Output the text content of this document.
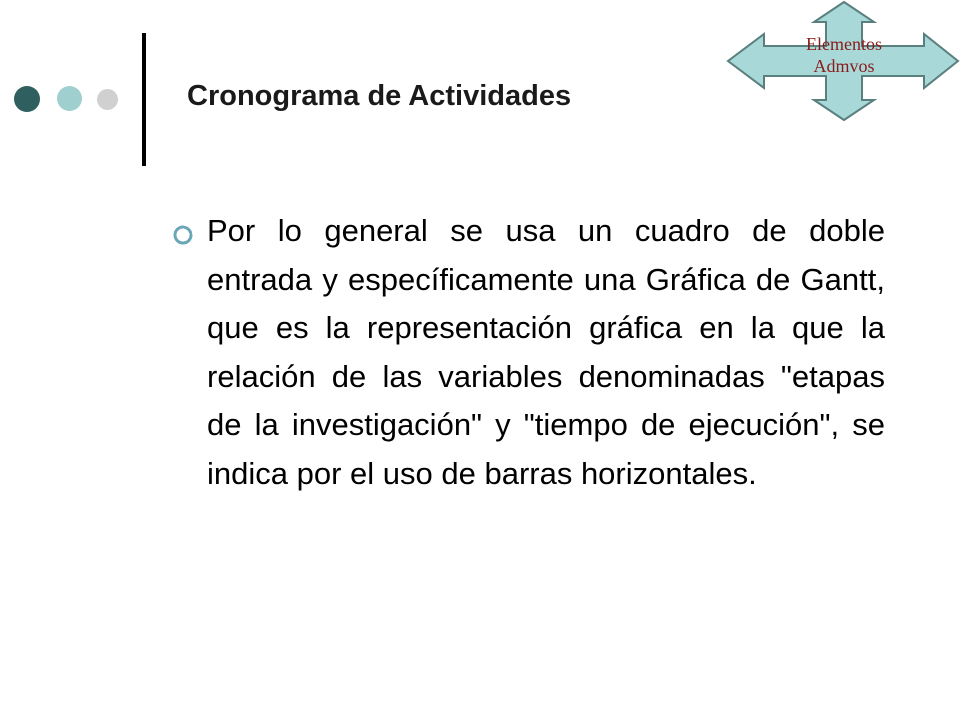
Cronograma de Actividades
Elementos
Admvos

Por lo general se usa un cuadro de doble entrada y específicamente una Gráfica de Gantt, que es la representación gráfica en la que la relación de las variables denominadas "etapas de la investigación" y "tiempo de ejecución", se indica por el uso de barras horizontales.
